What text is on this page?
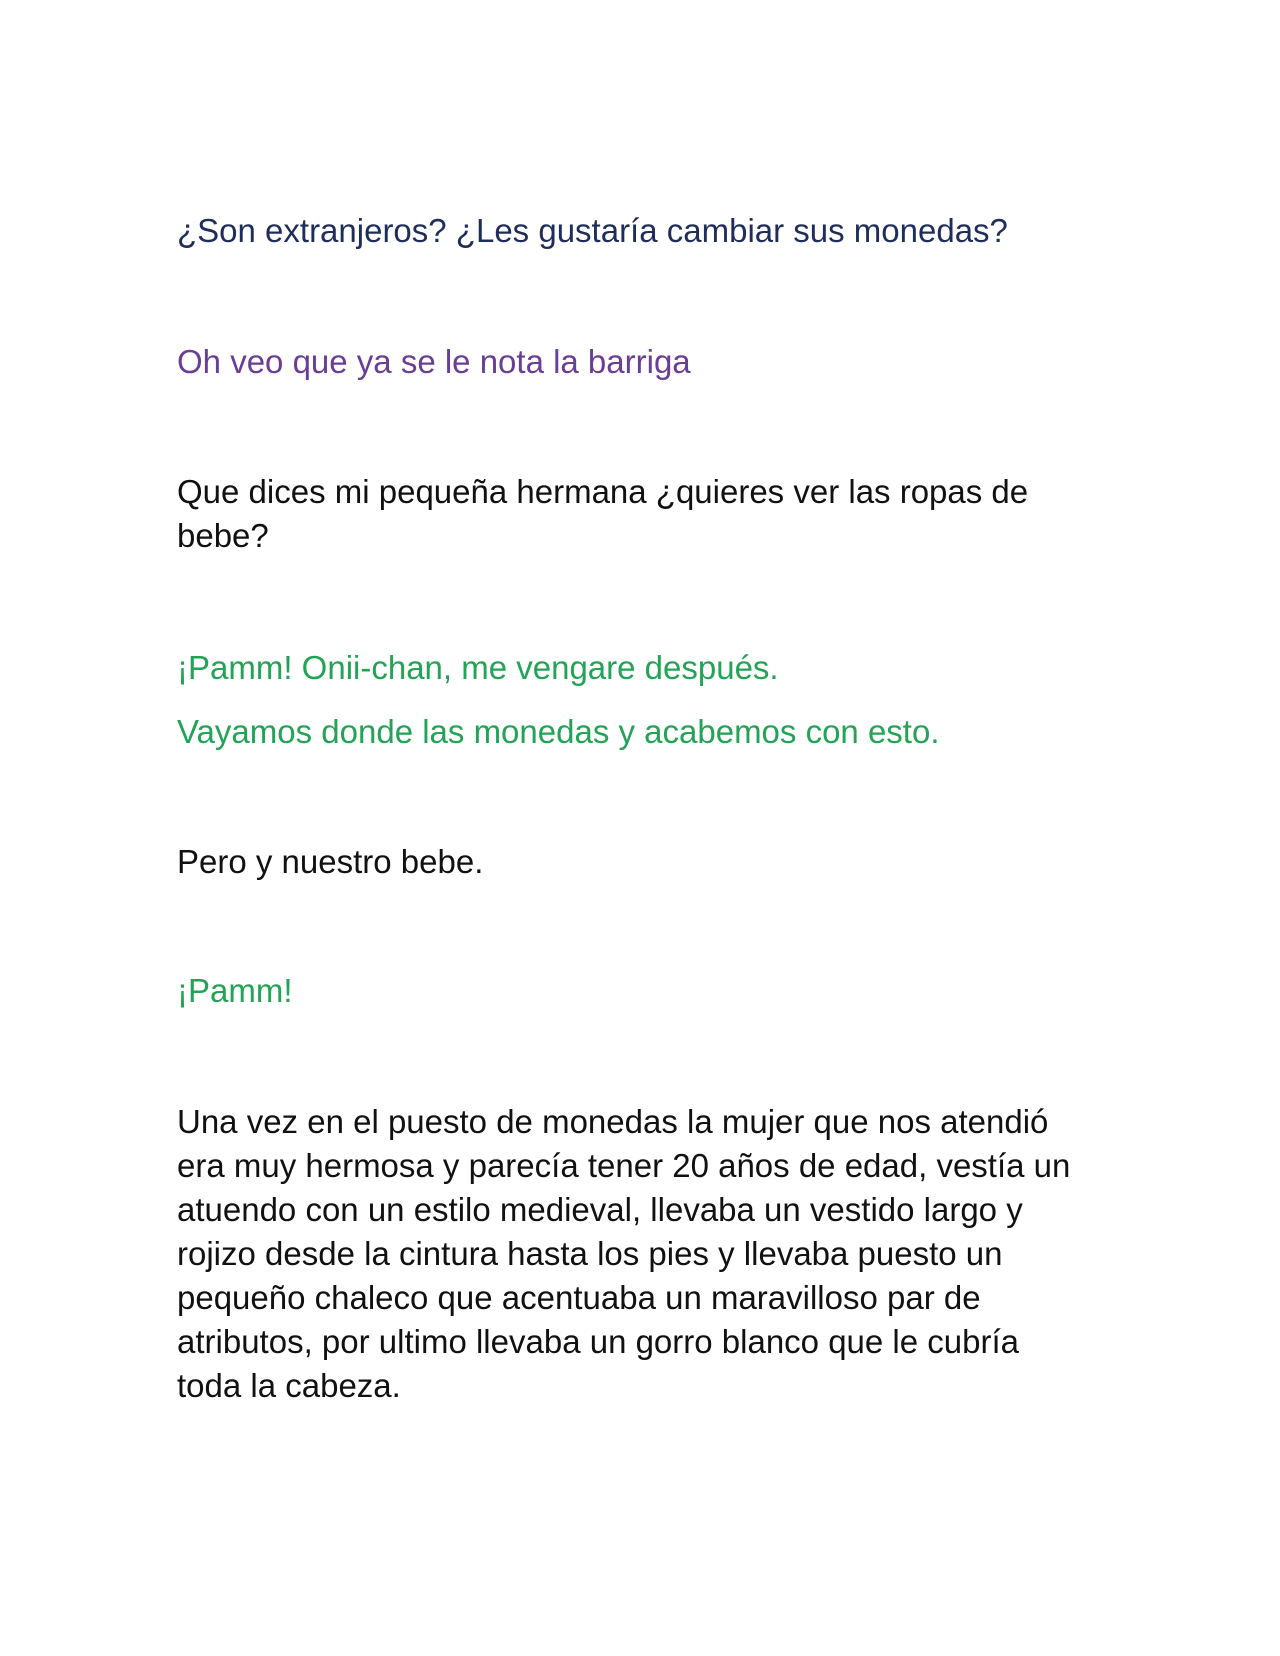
¿Son extranjeros? ¿Les gustaría cambiar sus monedas?

Oh veo que ya se le nota la barriga

Que dices mi pequeña hermana ¿quieres ver las ropas de
bebe?

¡Pamm! Onii-chan, me vengare después.

Vayamos donde las monedas y acabemos con esto.

Pero y nuestro bebe.

¡Pamm!

Una vez en el puesto de monedas la mujer que nos atendió
era muy hermosa y parecía tener 20 años de edad, vestía un
atuendo con un estilo medieval, llevaba un vestido largo y
rojizo desde la cintura hasta los pies y llevaba puesto un
pequeño chaleco que acentuaba un maravilloso par de
atributos, por ultimo llevaba un gorro blanco que le cubría
toda la cabeza.
